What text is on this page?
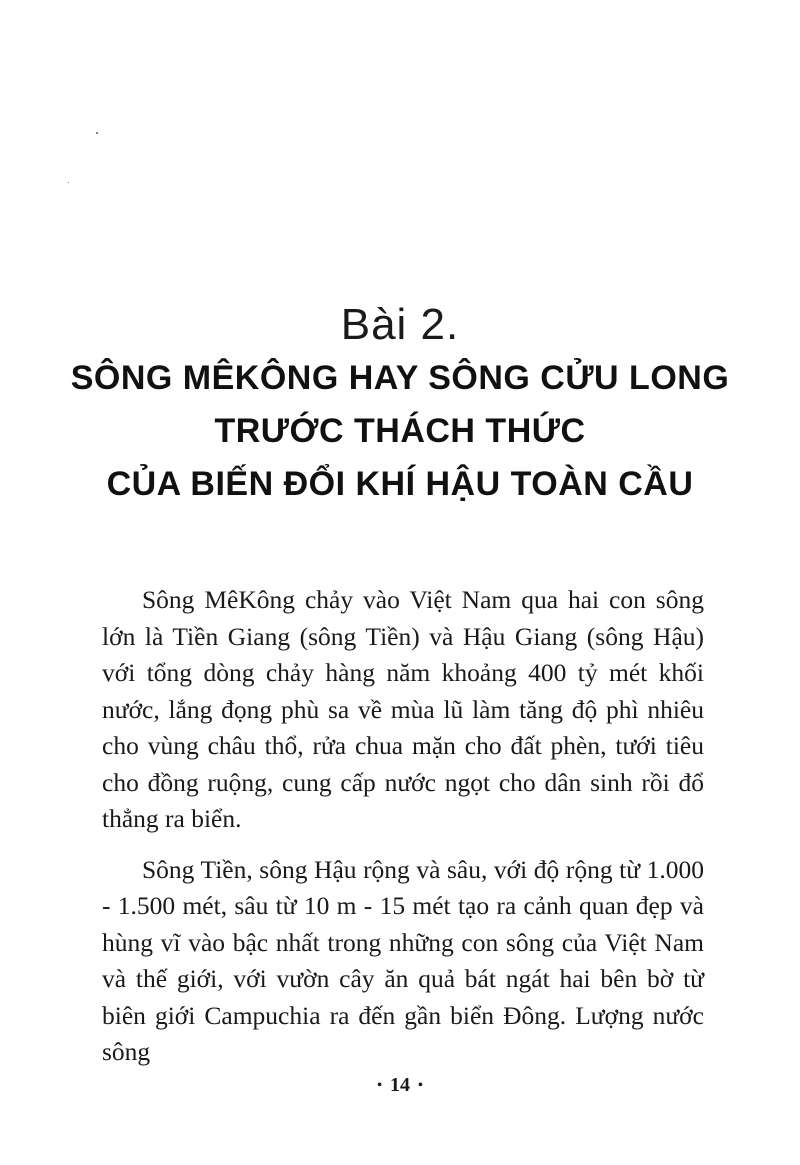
Bài 2.
SÔNG MÊKÔNG HAY SÔNG CỬU LONG
TRƯỚC THÁCH THỨC
CỦA BIẾN ĐỔI KHÍ HẬU TOÀN CẦU

Sông MêKông chảy vào Việt Nam qua hai con sông lớn là Tiền Giang (sông Tiền) và Hậu Giang (sông Hậu) với tổng dòng chảy hàng năm khoảng 400 tỷ mét khối nước, lắng đọng phù sa về mùa lũ làm tăng độ phì nhiêu cho vùng châu thổ, rửa chua mặn cho đất phèn, tưới tiêu cho đồng ruộng, cung cấp nước ngọt cho dân sinh rồi đổ thẳng ra biển.

Sông Tiền, sông Hậu rộng và sâu, với độ rộng từ 1.000 - 1.500 mét, sâu từ 10 m - 15 mét tạo ra cảnh quan đẹp và hùng vĩ vào bậc nhất trong những con sông của Việt Nam và thế giới, với vườn cây ăn quả bát ngát hai bên bờ từ biên giới Campuchia ra đến gần biển Đông. Lượng nước sông

• 14 •
